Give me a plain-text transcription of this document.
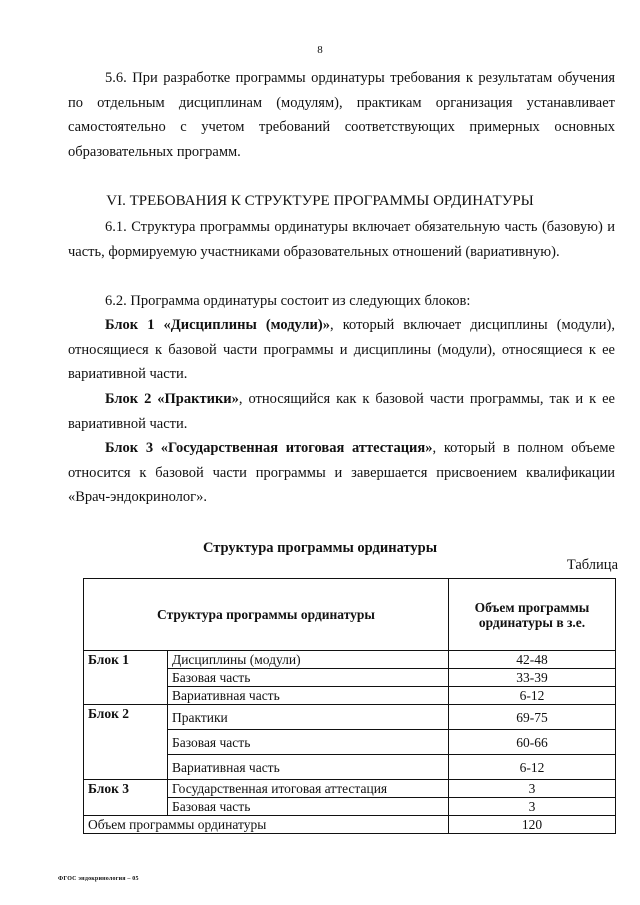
8

5.6. При разработке программы ординатуры требования к результатам обучения по отдельным дисциплинам (модулям), практикам организация устанавливает самостоятельно с учетом требований соответствующих примерных основных образовательных программ.

VI. ТРЕБОВАНИЯ К СТРУКТУРЕ ПРОГРАММЫ ОРДИНАТУРЫ

6.1. Структура программы ординатуры включает обязательную часть (базовую) и часть, формируемую участниками образовательных отношений (вариативную).

6.2. Программа ординатуры состоит из следующих блоков:

Блок 1 «Дисциплины (модули)», который включает дисциплины (модули), относящиеся к базовой части программы и дисциплины (модули), относящиеся к ее вариативной части.

Блок 2 «Практики», относящийся как к базовой части программы, так и к ее вариативной части.

Блок 3 «Государственная итоговая аттестация», который в полном объеме относится к базовой части программы и завершается присвоением квалификации «Врач-эндокринолог».

Структура программы ординатуры
Таблица
Структура программы ординатуры		Объем программы ординатуры в з.е.
Блок 1	Дисциплины (модули)	42-48
	Базовая часть	33-39
	Вариативная часть	6-12
Блок 2	Практики	69-75
	Базовая часть	60-66
	Вариативная часть	6-12
Блок 3	Государственная итоговая аттестация	3
	Базовая часть	3
Объем программы ординатуры		120
ФГОС эндокринология – 05
